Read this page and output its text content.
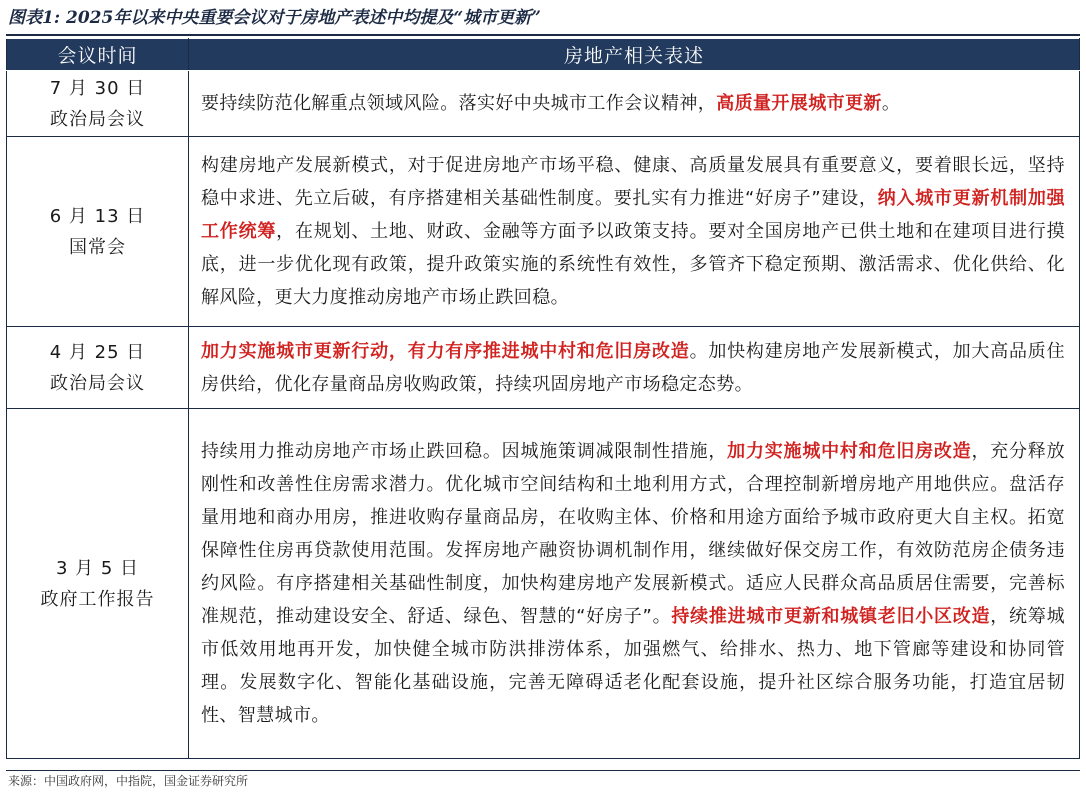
图表1: 2025年以来中央重要会议对于房地产表述中均提及“城市更新”
会议时间	房地产相关表述

7 月 30 日
政治局会议	要持续防范化解重点领域风险。落实好中央城市工作会议精神，高质量开展城市更新。

6 月 13 日
国常会	构建房地产发展新模式，对于促进房地产市场平稳、健康、高质量发展具有重要意义，要着眼长远，坚持稳中求进、先立后破，有序搭建相关基础性制度。要扎实有力推进“好房子”建设，纳入城市更新机制加强工作统筹，在规划、土地、财政、金融等方面予以政策支持。要对全国房地产已供土地和在建项目进行摸底，进一步优化现有政策，提升政策实施的系统性有效性，多管齐下稳定预期、激活需求、优化供给、化解风险，更大力度推动房地产市场止跌回稳。

4 月 25 日
政治局会议	加力实施城市更新行动，有力有序推进城中村和危旧房改造。加快构建房地产发展新模式，加大高品质住房供给，优化存量商品房收购政策，持续巩固房地产市场稳定态势。

3 月 5 日
政府工作报告	持续用力推动房地产市场止跌回稳。因城施策调减限制性措施，加力实施城中村和危旧房改造，充分释放刚性和改善性住房需求潜力。优化城市空间结构和土地利用方式，合理控制新增房地产用地供应。盘活存量用地和商办用房，推进收购存量商品房，在收购主体、价格和用途方面给予城市政府更大自主权。拓宽保障性住房再贷款使用范围。发挥房地产融资协调机制作用，继续做好保交房工作，有效防范房企债务违约风险。有序搭建相关基础性制度，加快构建房地产发展新模式。适应人民群众高品质居住需要，完善标准规范，推动建设安全、舒适、绿色、智慧的“好房子”。持续推进城市更新和城镇老旧小区改造，统筹城市低效用地再开发，加快健全城市防洪排涝体系，加强燃气、给排水、热力、地下管廊等建设和协同管理。发展数字化、智能化基础设施，完善无障碍适老化配套设施，提升社区综合服务功能，打造宜居韧性、智慧城市。
来源：中国政府网，中指院，国金证券研究所
